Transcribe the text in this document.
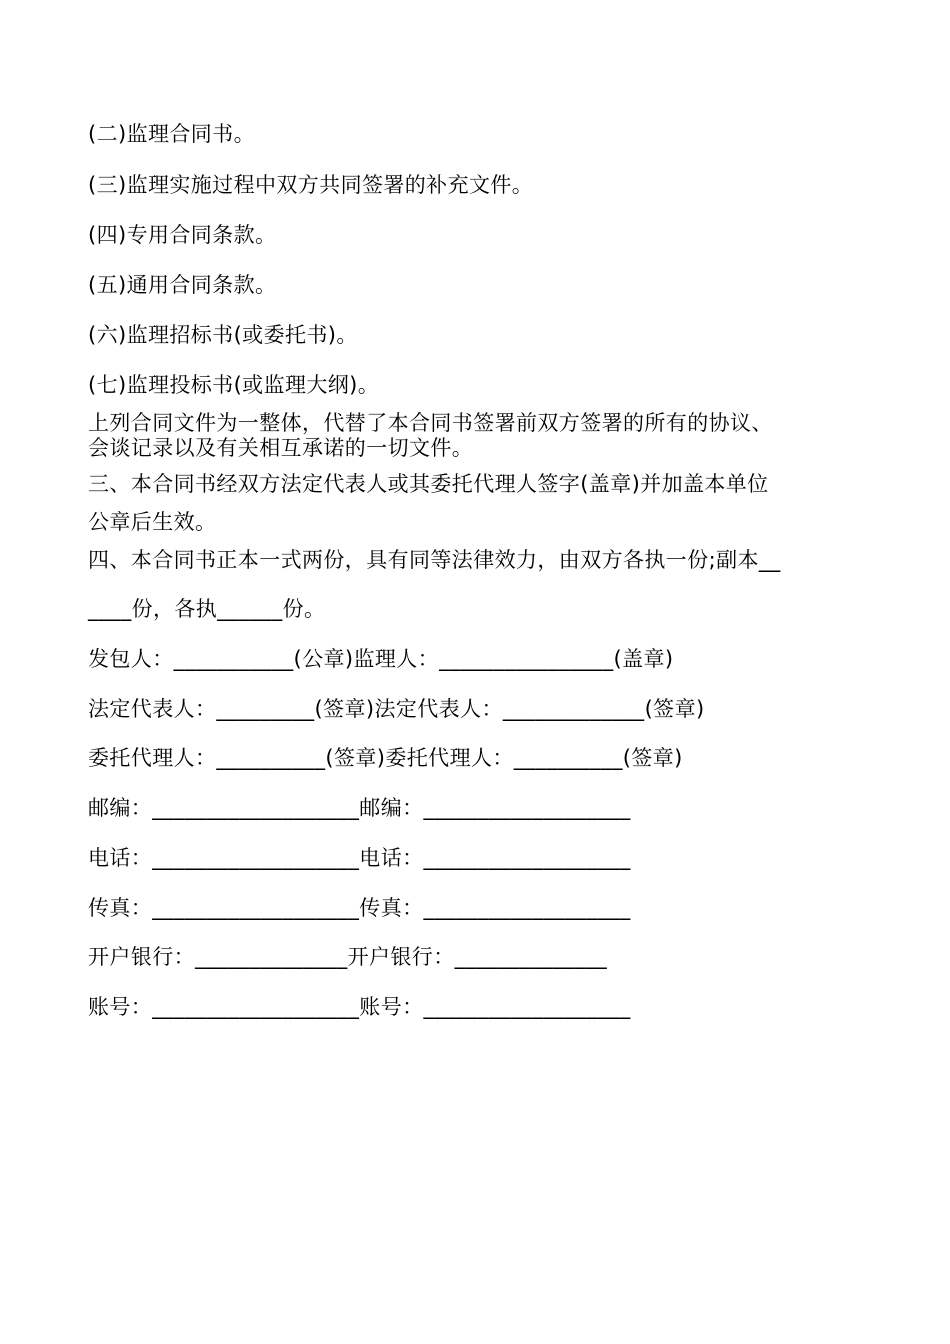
(二)监理合同书。

(三)监理实施过程中双方共同签署的补充文件。

(四)专用合同条款。

(五)通用合同条款。

(六)监理招标书(或委托书)。

(七)监理投标书(或监理大纲)。

上列合同文件为一整体，代替了本合同书签署前双方签署的所有的协议、

会谈记录以及有关相互承诺的一切文件。

三、本合同书经双方法定代表人或其委托代理人签字(盖章)并加盖本单位

公章后生效。

四、本合同书正本一式两份，具有同等法律效力，由双方各执一份;副本__

____份，各执______份。

发包人：___________(公章)监理人：________________(盖章)

法定代表人：_________(签章)法定代表人：_____________(签章)

委托代理人：__________(签章)委托代理人：__________(签章)

邮编：___________________邮编：___________________

电话：___________________电话：___________________

传真：___________________传真：___________________

开户银行：______________开户银行：______________

账号：___________________账号：___________________
